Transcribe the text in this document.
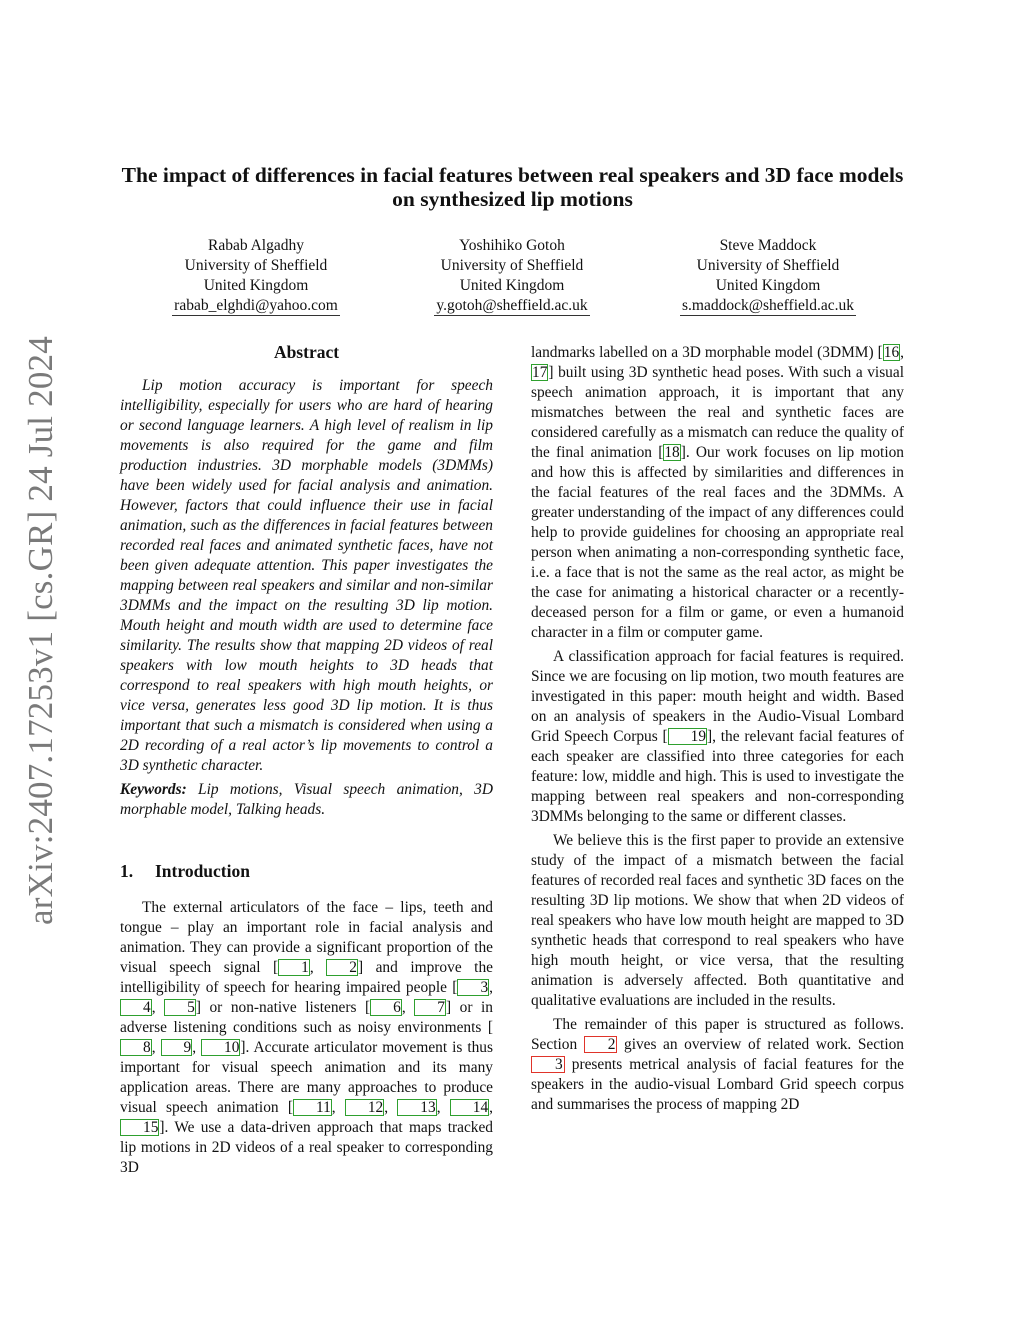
arXiv:2407.17253v1 [cs.GR] 24 Jul 2024
The impact of differences in facial features between real speakers and 3D face models on synthesized lip motions
Rabab Algadhy
University of Sheffield
United Kingdom
rabab_elghdi@yahoo.com
Yoshihiko Gotoh
University of Sheffield
United Kingdom
y.gotoh@sheffield.ac.uk
Steve Maddock
University of Sheffield
United Kingdom
s.maddock@sheffield.ac.uk
Abstract

Lip motion accuracy is important for speech intelligibility, especially for users who are hard of hearing or second language learners. A high level of realism in lip movements is also required for the game and film production industries. 3D morphable models (3DMMs) have been widely used for facial analysis and animation. However, factors that could influence their use in facial animation, such as the differences in facial features between recorded real faces and animated synthetic faces, have not been given adequate attention. This paper investigates the mapping between real speakers and similar and non-similar 3DMMs and the impact on the resulting 3D lip motion. Mouth height and mouth width are used to determine face similarity. The results show that mapping 2D videos of real speakers with low mouth heights to 3D heads that correspond to real speakers with high mouth heights, or vice versa, generates less good 3D lip motion. It is thus important that such a mismatch is considered when using a 2D recording of a real actor’s lip movements to control a 3D synthetic character.

Keywords: Lip motions, Visual speech animation, 3D morphable model, Talking heads.

1. Introduction

The external articulators of the face – lips, teeth and tongue – play an important role in facial analysis and animation. They can provide a significant proportion of the visual speech signal [ 1, 2] and improve the intelligibility of speech for hearing impaired people [ 3, 4, 5] or non-native listeners [ 6, 7] or in adverse listening conditions such as noisy environments [8, 9, 10]. Accurate articulator movement is thus important for visual speech animation and its many application areas. There are many approaches to produce visual speech animation [ 11, 12, 13, 14, 15]. We use a data-driven approach that maps tracked lip motions in 2D videos of a real speaker to corresponding 3D

landmarks labelled on a 3D morphable model (3DMM) [16, 17] built using 3D synthetic head poses. With such a visual speech animation approach, it is important that any mismatches between the real and synthetic faces are considered carefully as a mismatch can reduce the quality of the final animation [18]. Our work focuses on lip motion and how this is affected by similarities and differences in the facial features of the real faces and the 3DMMs. A greater understanding of the impact of any differences could help to provide guidelines for choosing an appropriate real person when animating a non-corresponding synthetic face, i.e. a face that is not the same as the real actor, as might be the case for animating a historical character or a recently-deceased person for a film or game, or even a humanoid character in a film or computer game.

A classification approach for facial features is required. Since we are focusing on lip motion, two mouth features are investigated in this paper: mouth height and width. Based on an analysis of speakers in the Audio-Visual Lombard Grid Speech Corpus [ 19], the relevant facial features of each speaker are classified into three categories for each feature: low, middle and high. This is used to investigate the mapping between real speakers and non-corresponding 3DMMs belonging to the same or different classes.

We believe this is the first paper to provide an extensive study of the impact of a mismatch between the facial features of recorded real faces and synthetic 3D faces on the resulting 3D lip motions. We show that when 2D videos of real speakers who have low mouth height are mapped to 3D synthetic heads that correspond to real speakers who have high mouth height, or vice versa, that the resulting animation is adversely affected. Both quantitative and qualitative evaluations are included in the results.

The remainder of this paper is structured as follows. Section 2 gives an overview of related work. Section 3 presents metrical analysis of facial features for the speakers in the audio-visual Lombard Grid speech corpus and summarises the process of mapping 2D
